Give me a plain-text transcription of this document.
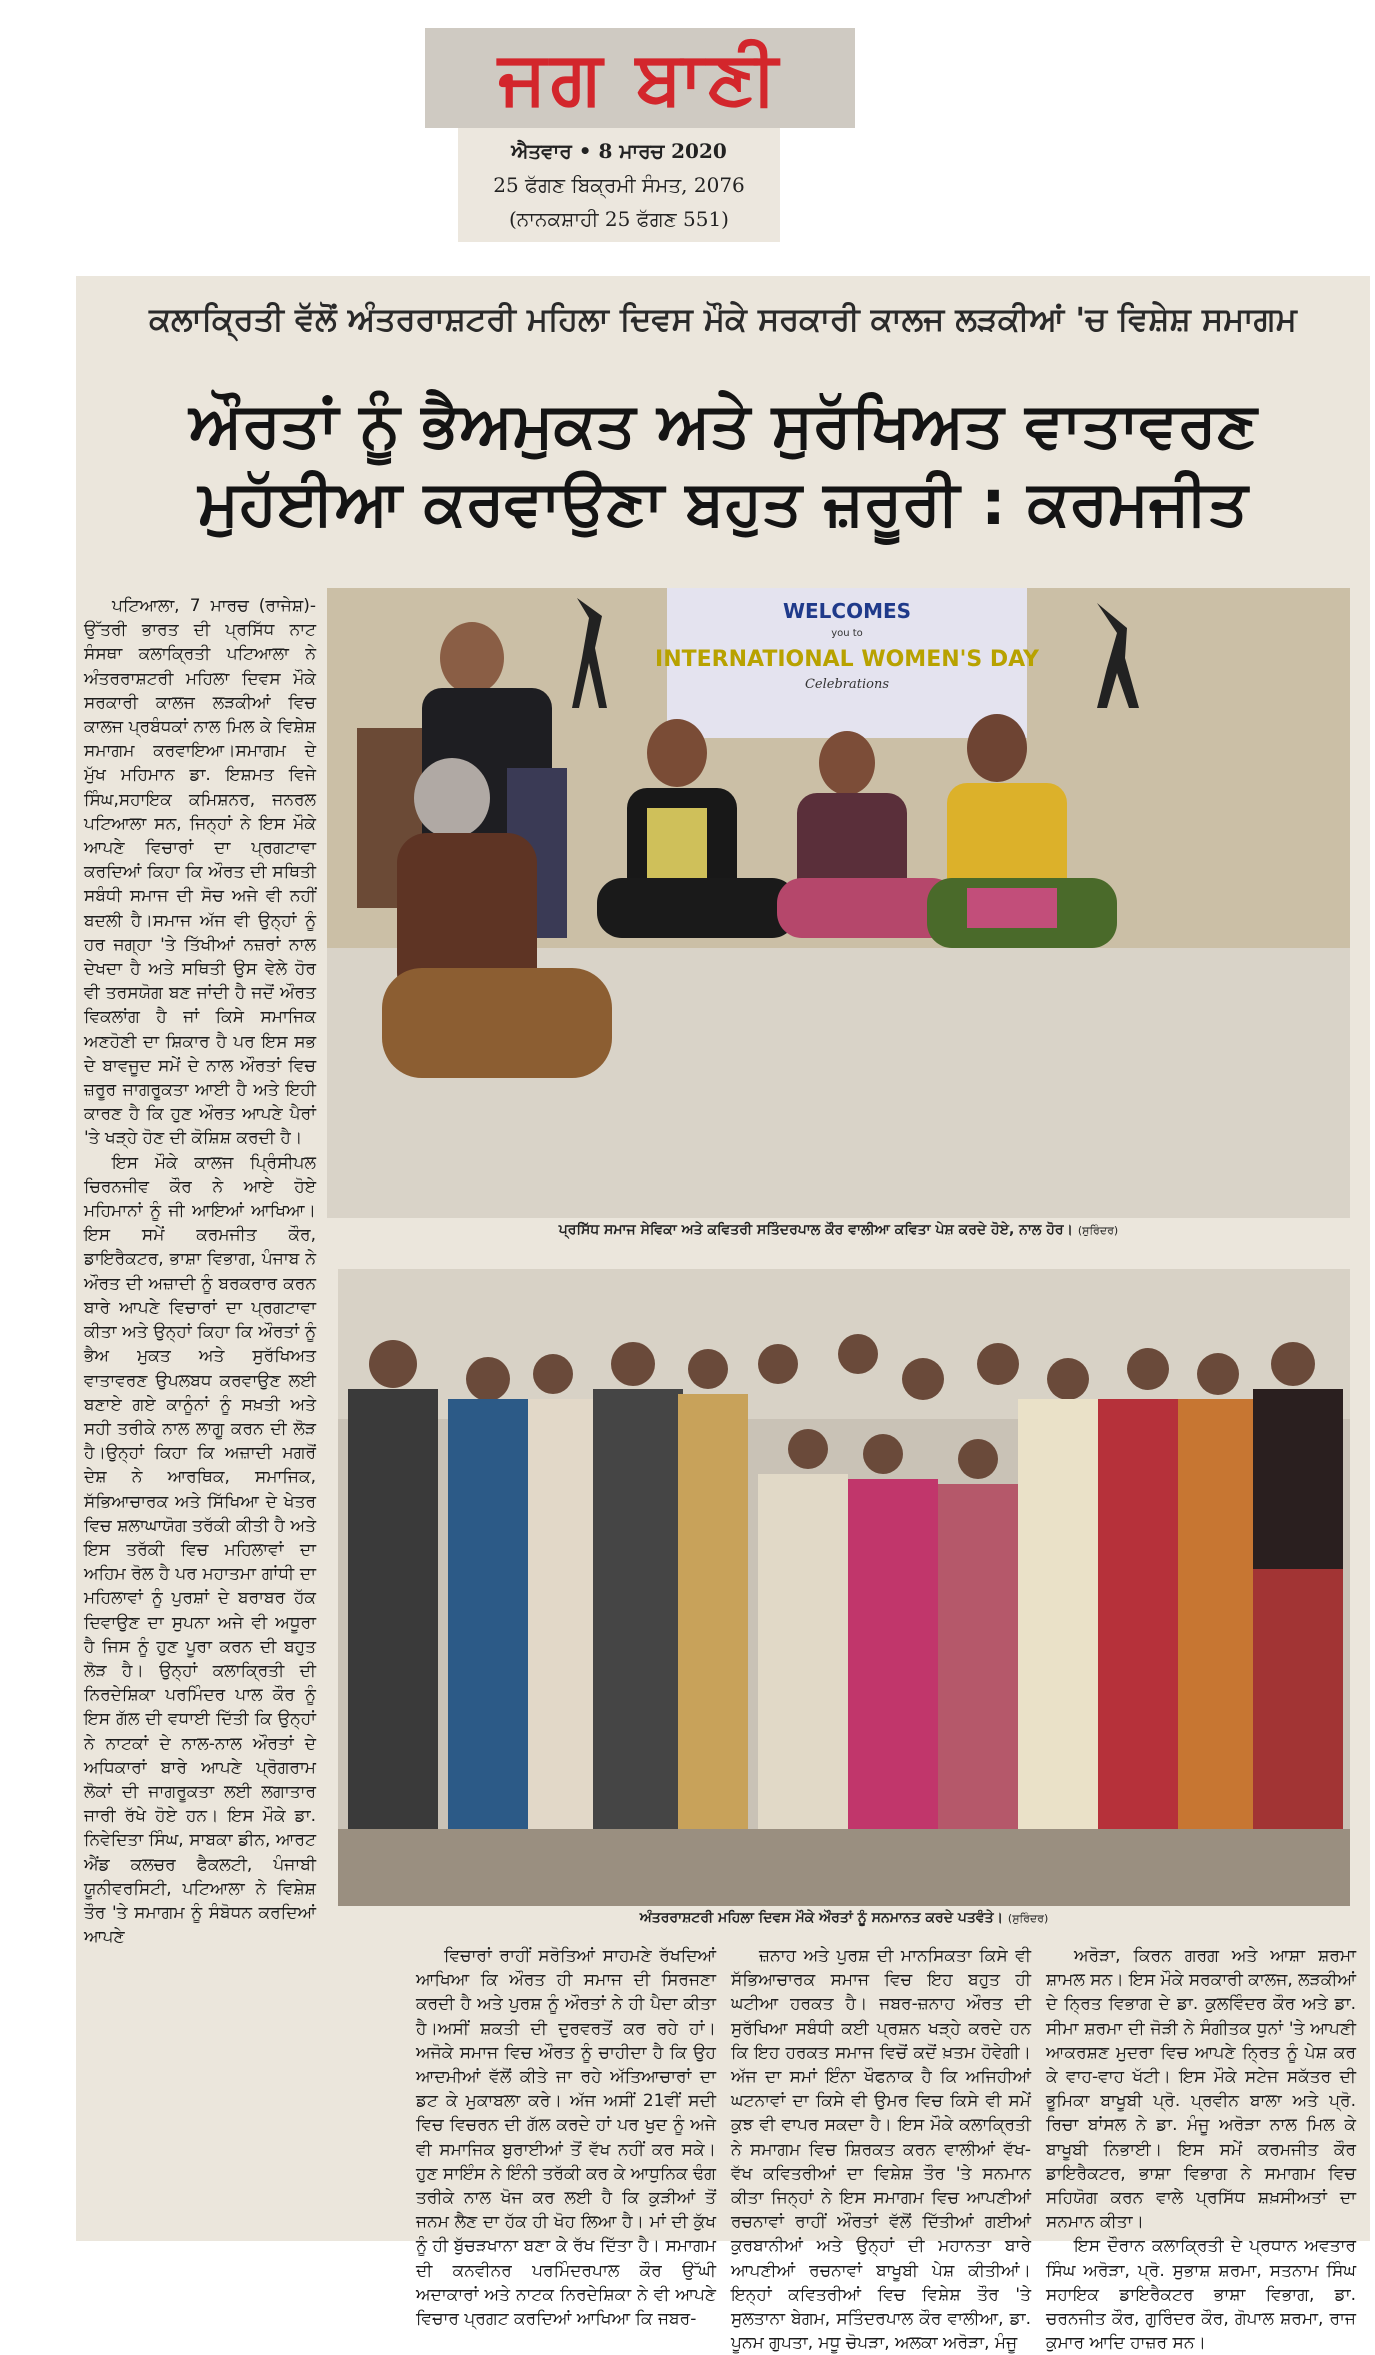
ਜਗ ਬਾਣੀ
ਐਤਵਾਰ • 8 ਮਾਰਚ 2020
25 ਫੱਗਣ ਬਿਕ੍ਰਮੀ ਸੰਮਤ, 2076
(ਨਾਨਕਸ਼ਾਹੀ 25 ਫੱਗਣ 551)
ਕਲਾਕ੍ਰਿਤੀ ਵੱਲੋਂ ਅੰਤਰਰਾਸ਼ਟਰੀ ਮਹਿਲਾ ਦਿਵਸ ਮੌਕੇ ਸਰਕਾਰੀ ਕਾਲਜ ਲੜਕੀਆਂ 'ਚ ਵਿਸ਼ੇਸ਼ ਸਮਾਗਮ
ਔਰਤਾਂ ਨੂੰ ਭੈਅਮੁਕਤ ਅਤੇ ਸੁਰੱਖਿਅਤ ਵਾਤਾਵਰਣ
ਮੁਹੱਈਆ ਕਰਵਾਉਣਾ ਬਹੁਤ ਜ਼ਰੂਰੀ : ਕਰਮਜੀਤ
WELCOMES
you to
INTERNATIONAL WOMEN'S DAY
Celebrations
ਪ੍ਰਸਿੱਧ ਸਮਾਜ ਸੇਵਿਕਾ ਅਤੇ ਕਵਿਤਰੀ ਸਤਿੰਦਰਪਾਲ ਕੌਰ ਵਾਲੀਆ ਕਵਿਤਾ ਪੇਸ਼ ਕਰਦੇ ਹੋਏ, ਨਾਲ ਹੋਰ। (ਸੁਰਿੰਦਰ)
ਅੰਤਰਰਾਸ਼ਟਰੀ ਮਹਿਲਾ ਦਿਵਸ ਮੌਕੇ ਔਰਤਾਂ ਨੂੰ ਸਨਮਾਨਤ ਕਰਦੇ ਪਤਵੰਤੇ। (ਸੁਰਿੰਦਰ)

ਪਟਿਆਲਾ, 7 ਮਾਰਚ (ਰਾਜੇਸ਼)-ਉੱਤਰੀ ਭਾਰਤ ਦੀ ਪ੍ਰਸਿੱਧ ਨਾਟ ਸੰਸਥਾ ਕਲਾਕ੍ਰਿਤੀ ਪਟਿਆਲਾ ਨੇ ਅੰਤਰਰਾਸ਼ਟਰੀ ਮਹਿਲਾ ਦਿਵਸ ਮੌਕੇ ਸਰਕਾਰੀ ਕਾਲਜ ਲੜਕੀਆਂ ਵਿਚ ਕਾਲਜ ਪ੍ਰਬੰਧਕਾਂ ਨਾਲ ਮਿਲ ਕੇ ਵਿਸ਼ੇਸ਼ ਸਮਾਗਮ ਕਰਵਾਇਆ।ਸਮਾਗਮ ਦੇ ਮੁੱਖ ਮਹਿਮਾਨ ਡਾ. ਇਸ਼ਮਤ ਵਿਜੇ ਸਿੰਘ,ਸਹਾਇਕ ਕਮਿਸ਼ਨਰ, ਜਨਰਲ ਪਟਿਆਲਾ ਸਨ, ਜਿਨ੍ਹਾਂ ਨੇ ਇਸ ਮੌਕੇ ਆਪਣੇ ਵਿਚਾਰਾਂ ਦਾ ਪ੍ਰਗਟਾਵਾ ਕਰਦਿਆਂ ਕਿਹਾ ਕਿ ਔਰਤ ਦੀ ਸਥਿਤੀ ਸਬੰਧੀ ਸਮਾਜ ਦੀ ਸੋਚ ਅਜੇ ਵੀ ਨਹੀਂ ਬਦਲੀ ਹੈ।ਸਮਾਜ ਅੱਜ ਵੀ ਉਨ੍ਹਾਂ ਨੂੰ ਹਰ ਜਗ੍ਹਾ 'ਤੇ ਤਿੱਖੀਆਂ ਨਜ਼ਰਾਂ ਨਾਲ ਦੇਖਦਾ ਹੈ ਅਤੇ ਸਥਿਤੀ ਉਸ ਵੇਲੇ ਹੋਰ ਵੀ ਤਰਸਯੋਗ ਬਣ ਜਾਂਦੀ ਹੈ ਜਦੋਂ ਔਰਤ ਵਿਕਲਾਂਗ ਹੈ ਜਾਂ ਕਿਸੇ ਸਮਾਜਿਕ ਅਣਹੋਣੀ ਦਾ ਸ਼ਿਕਾਰ ਹੈ ਪਰ ਇਸ ਸਭ ਦੇ ਬਾਵਜੂਦ ਸਮੇਂ ਦੇ ਨਾਲ ਔਰਤਾਂ ਵਿਚ ਜ਼ਰੂਰ ਜਾਗਰੂਕਤਾ ਆਈ ਹੈ ਅਤੇ ਇਹੀ ਕਾਰਣ ਹੈ ਕਿ ਹੁਣ ਔਰਤ ਆਪਣੇ ਪੈਰਾਂ 'ਤੇ ਖੜ੍ਹੇ ਹੋਣ ਦੀ ਕੋਸ਼ਿਸ਼ ਕਰਦੀ ਹੈ।

ਇਸ ਮੌਕੇ ਕਾਲਜ ਪ੍ਰਿੰਸੀਪਲ ਚਿਰਨਜੀਵ ਕੌਰ ਨੇ ਆਏ ਹੋਏ ਮਹਿਮਾਨਾਂ ਨੂੰ ਜੀ ਆਇਆਂ ਆਖਿਆ। ਇਸ ਸਮੇਂ ਕਰਮਜੀਤ ਕੌਰ, ਡਾਇਰੈਕਟਰ, ਭਾਸ਼ਾ ਵਿਭਾਗ, ਪੰਜਾਬ ਨੇ ਔਰਤ ਦੀ ਅਜ਼ਾਦੀ ਨੂੰ ਬਰਕਰਾਰ ਕਰਨ ਬਾਰੇ ਆਪਣੇ ਵਿਚਾਰਾਂ ਦਾ ਪ੍ਰਗਟਾਵਾ ਕੀਤਾ ਅਤੇ ਉਨ੍ਹਾਂ ਕਿਹਾ ਕਿ ਔਰਤਾਂ ਨੂੰ ਭੈਅ ਮੁਕਤ ਅਤੇ ਸੁਰੱਖਿਅਤ ਵਾਤਾਵਰਣ ਉਪਲਬਧ ਕਰਵਾਉਣ ਲਈ ਬਣਾਏ ਗਏ ਕਾਨੂੰਨਾਂ ਨੂੰ ਸਖ਼ਤੀ ਅਤੇ ਸਹੀ ਤਰੀਕੇ ਨਾਲ ਲਾਗੂ ਕਰਨ ਦੀ ਲੋੜ ਹੈ।ਉਨ੍ਹਾਂ ਕਿਹਾ ਕਿ ਅਜ਼ਾਦੀ ਮਗਰੋਂ ਦੇਸ਼ ਨੇ ਆਰਥਿਕ, ਸਮਾਜਿਕ, ਸੱਭਿਆਚਾਰਕ ਅਤੇ ਸਿੱਖਿਆ ਦੇ ਖੇਤਰ ਵਿਚ ਸ਼ਲਾਘਾਯੋਗ ਤਰੱਕੀ ਕੀਤੀ ਹੈ ਅਤੇ ਇਸ ਤਰੱਕੀ ਵਿਚ ਮਹਿਲਾਵਾਂ ਦਾ ਅਹਿਮ ਰੋਲ ਹੈ ਪਰ ਮਹਾਤਮਾ ਗਾਂਧੀ ਦਾ ਮਹਿਲਾਵਾਂ ਨੂੰ ਪੁਰਸ਼ਾਂ ਦੇ ਬਰਾਬਰ ਹੱਕ ਦਿਵਾਉਣ ਦਾ ਸੁਪਨਾ ਅਜੇ ਵੀ ਅਧੂਰਾ ਹੈ ਜਿਸ ਨੂੰ ਹੁਣ ਪੂਰਾ ਕਰਨ ਦੀ ਬਹੁਤ ਲੋੜ ਹੈ। ਉਨ੍ਹਾਂ ਕਲਾਕ੍ਰਿਤੀ ਦੀ ਨਿਰਦੇਸ਼ਿਕਾ ਪਰਮਿੰਦਰ ਪਾਲ ਕੌਰ ਨੂੰ ਇਸ ਗੱਲ ਦੀ ਵਧਾਈ ਦਿੱਤੀ ਕਿ ਉਨ੍ਹਾਂ ਨੇ ਨਾਟਕਾਂ ਦੇ ਨਾਲ-ਨਾਲ ਔਰਤਾਂ ਦੇ ਅਧਿਕਾਰਾਂ ਬਾਰੇ ਆਪਣੇ ਪ੍ਰੋਗਰਾਮ ਲੋਕਾਂ ਦੀ ਜਾਗਰੂਕਤਾ ਲਈ ਲਗਾਤਾਰ ਜਾਰੀ ਰੱਖੇ ਹੋਏ ਹਨ। ਇਸ ਮੌਕੇ ਡਾ. ਨਿਵੇਦਿਤਾ ਸਿੰਘ, ਸਾਬਕਾ ਡੀਨ, ਆਰਟ ਐਂਡ ਕਲਚਰ ਫੈਕਲਟੀ, ਪੰਜਾਬੀ ਯੂਨੀਵਰਸਿਟੀ, ਪਟਿਆਲਾ ਨੇ ਵਿਸ਼ੇਸ਼ ਤੌਰ 'ਤੇ ਸਮਾਗਮ ਨੂੰ ਸੰਬੋਧਨ ਕਰਦਿਆਂ ਆਪਣੇ

ਵਿਚਾਰਾਂ ਰਾਹੀਂ ਸਰੋਤਿਆਂ ਸਾਹਮਣੇ ਰੱਖਦਿਆਂ ਆਖਿਆ ਕਿ ਔਰਤ ਹੀ ਸਮਾਜ ਦੀ ਸਿਰਜਣਾ ਕਰਦੀ ਹੈ ਅਤੇ ਪੁਰਸ਼ ਨੂੰ ਔਰਤਾਂ ਨੇ ਹੀ ਪੈਦਾ ਕੀਤਾ ਹੈ।ਅਸੀਂ ਸ਼ਕਤੀ ਦੀ ਦੁਰਵਰਤੋਂ ਕਰ ਰਹੇ ਹਾਂ। ਅਜੋਕੇ ਸਮਾਜ ਵਿਚ ਔਰਤ ਨੂੰ ਚਾਹੀਦਾ ਹੈ ਕਿ ਉਹ ਆਦਮੀਆਂ ਵੱਲੋਂ ਕੀਤੇ ਜਾ ਰਹੇ ਅੱਤਿਆਚਾਰਾਂ ਦਾ ਡਟ ਕੇ ਮੁਕਾਬਲਾ ਕਰੇ। ਅੱਜ ਅਸੀਂ 21ਵੀਂ ਸਦੀ ਵਿਚ ਵਿਚਰਨ ਦੀ ਗੱਲ ਕਰਦੇ ਹਾਂ ਪਰ ਖੁਦ ਨੂੰ ਅਜੇ ਵੀ ਸਮਾਜਿਕ ਬੁਰਾਈਆਂ ਤੋਂ ਵੱਖ ਨਹੀਂ ਕਰ ਸਕੇ। ਹੁਣ ਸਾਇੰਸ ਨੇ ਇੰਨੀ ਤਰੱਕੀ ਕਰ ਕੇ ਆਧੁਨਿਕ ਢੰਗ ਤਰੀਕੇ ਨਾਲ ਖੋਜ ਕਰ ਲਈ ਹੈ ਕਿ ਕੁੜੀਆਂ ਤੋਂ ਜਨਮ ਲੈਣ ਦਾ ਹੱਕ ਹੀ ਖੋਹ ਲਿਆ ਹੈ। ਮਾਂ ਦੀ ਕੁੱਖ ਨੂੰ ਹੀ ਬੁੱਚੜਖਾਨਾ ਬਣਾ ਕੇ ਰੱਖ ਦਿੱਤਾ ਹੈ। ਸਮਾਗਮ ਦੀ ਕਨਵੀਨਰ ਪਰਮਿੰਦਰਪਾਲ ਕੌਰ ਉੱਘੀ ਅਦਾਕਾਰਾਂ ਅਤੇ ਨਾਟਕ ਨਿਰਦੇਸ਼ਿਕਾ ਨੇ ਵੀ ਆਪਣੇ ਵਿਚਾਰ ਪ੍ਰਗਟ ਕਰਦਿਆਂ ਆਖਿਆ ਕਿ ਜਬਰ-

ਜ਼ਨਾਹ ਅਤੇ ਪੁਰਸ਼ ਦੀ ਮਾਨਸਿਕਤਾ ਕਿਸੇ ਵੀ ਸੱਭਿਆਚਾਰਕ ਸਮਾਜ ਵਿਚ ਇਹ ਬਹੁਤ ਹੀ ਘਟੀਆ ਹਰਕਤ ਹੈ। ਜਬਰ-ਜ਼ਨਾਹ ਔਰਤ ਦੀ ਸੁਰੱਖਿਆ ਸਬੰਧੀ ਕਈ ਪ੍ਰਸ਼ਨ ਖੜ੍ਹੇ ਕਰਦੇ ਹਨ ਕਿ ਇਹ ਹਰਕਤ ਸਮਾਜ ਵਿਚੋਂ ਕਦੋਂ ਖ਼ਤਮ ਹੋਵੇਗੀ। ਅੱਜ ਦਾ ਸਮਾਂ ਇੰਨਾ ਖੌਫਨਾਕ ਹੈ ਕਿ ਅਜਿਹੀਆਂ ਘਟਨਾਵਾਂ ਦਾ ਕਿਸੇ ਵੀ ਉਮਰ ਵਿਚ ਕਿਸੇ ਵੀ ਸਮੇਂ ਕੁਝ ਵੀ ਵਾਪਰ ਸਕਦਾ ਹੈ। ਇਸ ਮੌਕੇ ਕਲਾਕ੍ਰਿਤੀ ਨੇ ਸਮਾਗਮ ਵਿਚ ਸ਼ਿਰਕਤ ਕਰਨ ਵਾਲੀਆਂ ਵੱਖ-ਵੱਖ ਕਵਿਤਰੀਆਂ ਦਾ ਵਿਸ਼ੇਸ਼ ਤੌਰ 'ਤੇ ਸਨਮਾਨ ਕੀਤਾ ਜਿਨ੍ਹਾਂ ਨੇ ਇਸ ਸਮਾਗਮ ਵਿਚ ਆਪਣੀਆਂ ਰਚਨਾਵਾਂ ਰਾਹੀਂ ਔਰਤਾਂ ਵੱਲੋਂ ਦਿੱਤੀਆਂ ਗਈਆਂ ਕੁਰਬਾਨੀਆਂ ਅਤੇ ਉਨ੍ਹਾਂ ਦੀ ਮਹਾਨਤਾ ਬਾਰੇ ਆਪਣੀਆਂ ਰਚਨਾਵਾਂ ਬਾਖੂਬੀ ਪੇਸ਼ ਕੀਤੀਆਂ। ਇਨ੍ਹਾਂ ਕਵਿਤਰੀਆਂ ਵਿਚ ਵਿਸ਼ੇਸ਼ ਤੌਰ 'ਤੇ ਸੁਲਤਾਨਾ ਬੇਗਮ, ਸਤਿੰਦਰਪਾਲ ਕੌਰ ਵਾਲੀਆ, ਡਾ. ਪੂਨਮ ਗੁਪਤਾ, ਮਧੂ ਚੋਪੜਾ, ਅਲਕਾ ਅਰੋੜਾ, ਮੰਜੂ

ਅਰੋੜਾ, ਕਿਰਨ ਗਰਗ ਅਤੇ ਆਸ਼ਾ ਸ਼ਰਮਾ ਸ਼ਾਮਲ ਸਨ। ਇਸ ਮੌਕੇ ਸਰਕਾਰੀ ਕਾਲਜ, ਲੜਕੀਆਂ ਦੇ ਨ੍ਰਿਤ ਵਿਭਾਗ ਦੇ ਡਾ. ਕੁਲਵਿੰਦਰ ਕੌਰ ਅਤੇ ਡਾ. ਸੀਮਾ ਸ਼ਰਮਾ ਦੀ ਜੋੜੀ ਨੇ ਸੰਗੀਤਕ ਧੁਨਾਂ 'ਤੇ ਆਪਣੀ ਆਕਰਸ਼ਣ ਮੁਦਰਾ ਵਿਚ ਆਪਣੇ ਨ੍ਰਿਤ ਨੂੰ ਪੇਸ਼ ਕਰ ਕੇ ਵਾਹ-ਵਾਹ ਖੱਟੀ। ਇਸ ਮੌਕੇ ਸਟੇਜ ਸਕੱਤਰ ਦੀ ਭੂਮਿਕਾ ਬਾਖੂਬੀ ਪ੍ਰੋ. ਪ੍ਰਵੀਨ ਬਾਲਾ ਅਤੇ ਪ੍ਰੋ. ਰਿਚਾ ਬਾਂਸਲ ਨੇ ਡਾ. ਮੰਜੂ ਅਰੋੜਾ ਨਾਲ ਮਿਲ ਕੇ ਬਾਖੂਬੀ ਨਿਭਾਈ। ਇਸ ਸਮੇਂ ਕਰਮਜੀਤ ਕੌਰ ਡਾਇਰੈਕਟਰ, ਭਾਸ਼ਾ ਵਿਭਾਗ ਨੇ ਸਮਾਗਮ ਵਿਚ ਸਹਿਯੋਗ ਕਰਨ ਵਾਲੇ ਪ੍ਰਸਿੱਧ ਸ਼ਖ਼ਸੀਅਤਾਂ ਦਾ ਸਨਮਾਨ ਕੀਤਾ।

ਇਸ ਦੌਰਾਨ ਕਲਾਕ੍ਰਿਤੀ ਦੇ ਪ੍ਰਧਾਨ ਅਵਤਾਰ ਸਿੰਘ ਅਰੋੜਾ, ਪ੍ਰੋ. ਸੁਭਾਸ਼ ਸ਼ਰਮਾ, ਸਤਨਾਮ ਸਿੰਘ ਸਹਾਇਕ ਡਾਇਰੈਕਟਰ ਭਾਸ਼ਾ ਵਿਭਾਗ, ਡਾ. ਚਰਨਜੀਤ ਕੌਰ, ਗੁਰਿੰਦਰ ਕੌਰ, ਗੋਪਾਲ ਸ਼ਰਮਾ, ਰਾਜ ਕੁਮਾਰ ਆਦਿ ਹਾਜ਼ਰ ਸਨ।
